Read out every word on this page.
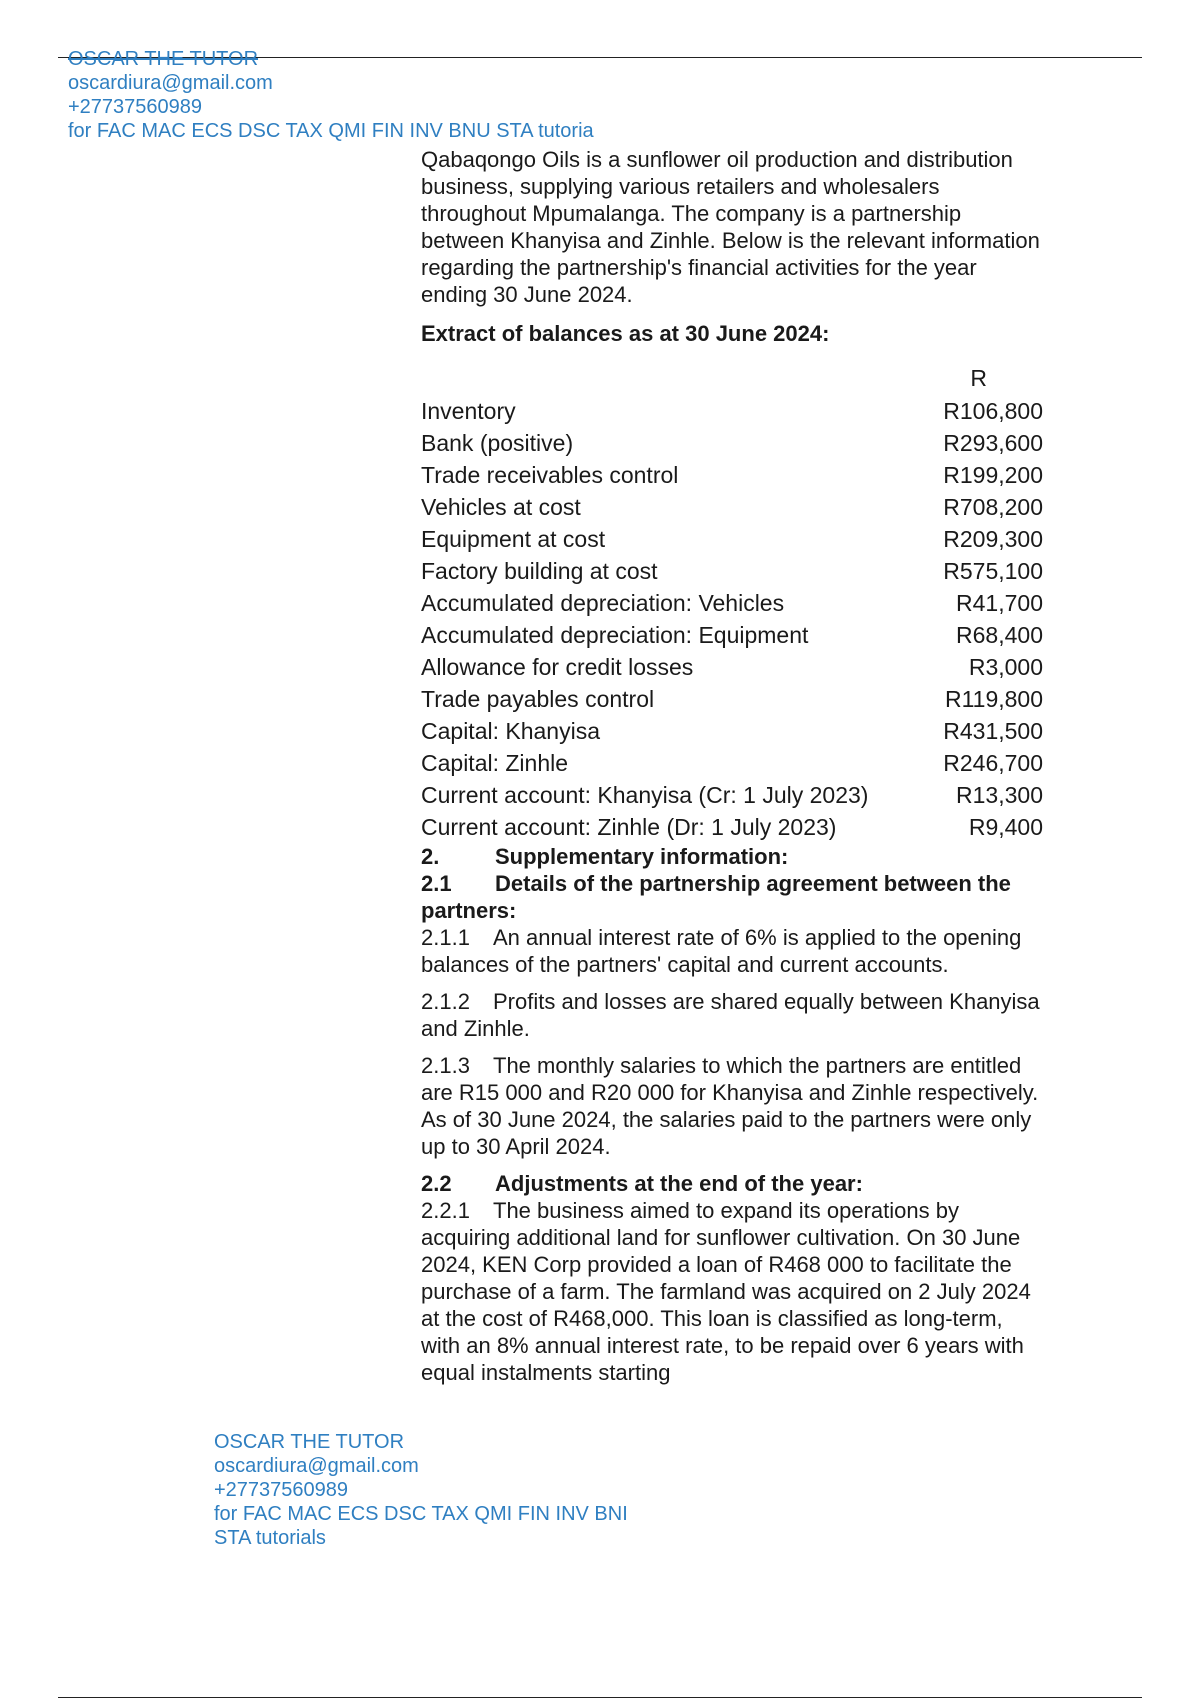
OSCAR THE TUTOR
oscardiura@gmail.com
+27737560989
for FAC MAC ECS DSC TAX QMI FIN INV BNU STA tutoria

Qabaqongo Oils is a sunflower oil production and distribution business, supplying various retailers and wholesalers throughout Mpumalanga. The company is a partnership between Khanyisa and Zinhle. Below is the relevant information regarding the partnership's financial activities for the year ending 30 June 2024.

Extract of balances as at 30 June 2024:

	R
Inventory	R106,800
Bank (positive)	R293,600
Trade receivables control	R199,200
Vehicles at cost	R708,200
Equipment at cost	R209,300
Factory building at cost	R575,100
Accumulated depreciation: Vehicles	R41,700
Accumulated depreciation: Equipment	R68,400
Allowance for credit losses	R3,000
Trade payables control	R119,800
Capital: Khanyisa	R431,500
Capital: Zinhle	R246,700
Current account: Khanyisa (Cr: 1 July 2023)	R13,300
Current account: Zinhle (Dr: 1 July 2023)	R9,400

2.	Supplementary information:

2.1 Details of the partnership agreement between the partners:

2.1.1 An annual interest rate of 6% is applied to the opening balances of the partners' capital and current accounts.

2.1.2 Profits and losses are shared equally between Khanyisa and Zinhle.

2.1.3 The monthly salaries to which the partners are entitled are R15 000 and R20 000 for Khanyisa and Zinhle respectively. As of 30 June 2024, the salaries paid to the partners were only up to 30 April 2024.

2.2 Adjustments at the end of the year:

2.2.1 The business aimed to expand its operations by acquiring additional land for sunflower cultivation. On 30 June 2024, KEN Corp provided a loan of R468 000 to facilitate the purchase of a farm. The farmland was acquired on 2 July 2024 at the cost of R468,000. This loan is classified as long-term, with an 8% annual interest rate, to be repaid over 6 years with equal instalments starting

OSCAR THE TUTOR
oscardiura@gmail.com
+27737560989
for FAC MAC ECS DSC TAX QMI FIN INV BNI
STA tutorials
